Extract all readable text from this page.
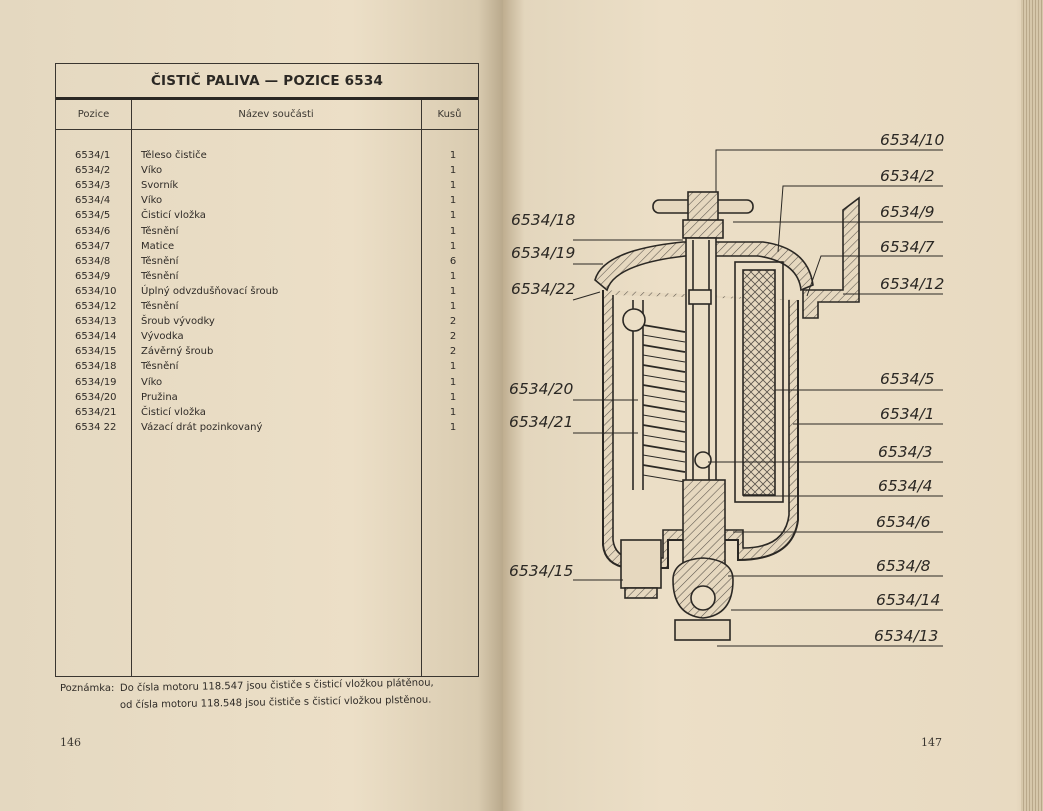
ČISTIČ PALIVA — POZICE 6534
Pozice	Název součásti	Kusů
6534/1	Těleso čističe	1
6534/2	Víko	1
6534/3	Svorník	1
6534/4	Víko	1
6534/5	Čisticí vložka	1
6534/6	Těsnění	1
6534/7	Matice	1
6534/8	Těsnění	6
6534/9	Těsnění	1
6534/10 Úplný odvzdušňovací šroub	1
6534/12 Těsnění	1
6534/13 Šroub vývodky	2
6534/14 Vývodka	2
6534/15 Závěrný šroub	2
6534/18 Těsnění	1
6534/19 Víko	1
6534/20 Pružina	1
6534/21 Čisticí vložka	1
6534 22 Vázací drát pozinkovaný	1
Poznámka: Do čísla motoru 118.547 jsou čističe s čisticí vložkou plátěnou,
od čísla motoru 118.548 jsou čističe s čisticí vložkou plstěnou.
146	147
6534/18
6534/19
6534/22
6534/20
6534/21
6534/15
6534/10
6534/2
6534/9
6534/7
6534/12
6534/5
6534/1
6534/3
6534/4
6534/6
6534/8
6534/14
6534/13
